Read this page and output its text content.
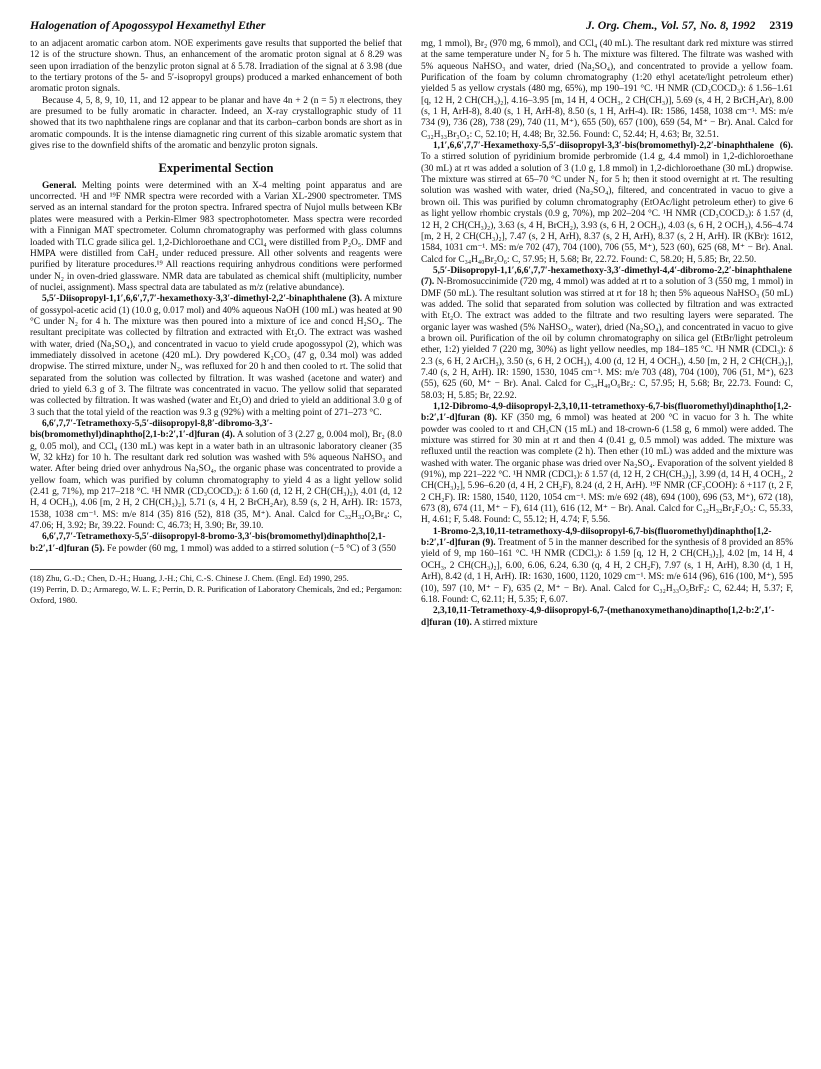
Halogenation of Apogossypol Hexamethyl Ether	J. Org. Chem., Vol. 57, No. 8, 1992 2319

to an adjacent aromatic carbon atom. NOE experiments gave results that supported the belief that 12 is of the structure shown. Thus, an enhancement of the aromatic proton signal at δ 8.29 was seen upon irradiation of the benzylic proton signal at δ 5.78. Irradiation of the signal at δ 3.98 (due to the tertiary protons of the 5- and 5′-isopropyl groups) produced a marked enhancement of both aromatic proton signals.

Because 4, 5, 8, 9, 10, 11, and 12 appear to be planar and have 4n + 2 (n = 5) π electrons, they are presumed to be fully aromatic in character. Indeed, an X-ray crystallographic study of 11 showed that its two naphthalene rings are coplanar and that its carbon–carbon bonds are short as in aromatic compounds. It is the intense diamagnetic ring current of this sizable aromatic system that gives rise to the downfield shifts of the aromatic and benzylic proton signals.

Experimental Section

General. Melting points were determined with an X-4 melting point apparatus and are uncorrected. ¹H and ¹⁹F NMR spectra were recorded with a Varian XL-2900 spectrometer. TMS served as an internal standard for the proton spectra. Infrared spectra of Nujol mulls between KBr plates were measured with a Perkin-Elmer 983 spectrophotometer. Mass spectra were recorded with a Finnigan MAT spectrometer. Column chromatography was performed with glass columns loaded with TLC grade silica gel. 1,2-Dichloroethane and CCl₄ were distilled from P₂O₅. DMF and HMPA were distilled from CaH₂ under reduced pressure. All other solvents and reagents were purified by literature procedures.¹⁹ All reactions requiring anhydrous conditions were performed under N₂ in oven-dried glassware. NMR data are tabulated as chemical shift (multiplicity, number of nuclei, assignment). Mass spectral data are tabulated as m/z (relative abundance).

5,5′-Diisopropyl-1,1′,6,6′,7,7′-hexamethoxy-3,3′-dimethyl-2,2′-binaphthalene (3). A mixture of gossypol-acetic acid (1) (10.0 g, 0.017 mol) and 40% aqueous NaOH (100 mL) was heated at 90 °C under N₂ for 4 h. The mixture was then poured into a mixture of ice and concd H₂SO₄. The resultant precipitate was collected by filtration and extracted with Et₂O. The extract was washed with water, dried (Na₂SO₄), and concentrated in vacuo to yield crude apogossypol (2), which was immediately dissolved in acetone (420 mL). Dry powdered K₂CO₃ (47 g, 0.34 mol) was added dropwise. The stirred mixture, under N₂, was refluxed for 20 h and then cooled to rt. The solid that separated from the solution was collected by filtration. It was washed (acetone and water) and dried to yield 6.3 g of 3. The filtrate was concentrated in vacuo. The yellow solid that separated was collected by filtration. It was washed (water and Et₂O) and dried to yield an additional 3.0 g of 3 such that the total yield of the reaction was 9.3 g (92%) with a melting point of 271–273 °C.

6,6′,7,7′-Tetramethoxy-5,5′-diisopropyl-8,8′-dibromo-3,3′-bis(bromomethyl)dinaphtho[2,1-b:2′,1′-d]furan (4). A solution of 3 (2.27 g, 0.004 mol), Br₂ (8.0 g, 0.05 mol), and CCl₄ (130 mL) was kept in a water bath in an ultrasonic laboratory cleaner (35 W, 32 kHz) for 10 h. The resultant dark red solution was washed with 5% aqueous NaHSO₃ and water. After being dried over anhydrous Na₂SO₄, the organic phase was concentrated to provide a yellow foam, which was purified by column chromatography to yield 4 as a light yellow solid (2.41 g, 71%), mp 217–218 °C. ¹H NMR (CD₃COCD₃): δ 1.60 (d, 12 H, 2 CH(CH₃)₂), 4.01 (d, 12 H, 4 OCH₃), 4.06 [m, 2 H, 2 CH(CH₃)₂], 5.71 (s, 4 H, 2 BrCH₂Ar), 8.59 (s, 2 H, ArH). IR: 1573, 1538, 1038 cm⁻¹. MS: m/e 814 (35) 816 (52), 818 (35, M⁺). Anal. Calcd for C₃₂H₃₂O₅Br₄: C, 47.06; H, 3.92; Br, 39.22. Found: C, 46.73; H, 3.90; Br, 39.10.

6,6′,7,7′-Tetramethoxy-5,5′-diisopropyl-8-bromo-3,3′-bis(bromomethyl)dinaphtho[2,1-b:2′,1′-d]furan (5). Fe powder (60 mg, 1 mmol) was added to a stirred solution (−5 °C) of 3 (550

(18) Zhu, G.-D.; Chen, D.-H.; Huang, J.-H.; Chi, C.-S. Chinese J. Chem. (Engl. Ed) 1990, 295.

(19) Perrin, D. D.; Armarego, W. L. F.; Perrin, D. R. Purification of Laboratory Chemicals, 2nd ed.; Pergamon: Oxford, 1980.

mg, 1 mmol), Br₂ (970 mg, 6 mmol), and CCl₄ (40 mL). The resultant dark red mixture was stirred at the same temperature under N₂ for 5 h. The mixture was filtered. The filtrate was washed with 5% aqueous NaHSO₃ and water, dried (Na₂SO₄), and concentrated to provide a yellow foam. Purification of the foam by column chromatography (1:20 ethyl acetate/light petroleum ether) yielded 5 as yellow crystals (480 mg, 65%), mp 190–191 °C. ¹H NMR (CD₃COCD₃): δ 1.56–1.61 [q, 12 H, 2 CH(CH₃)₂], 4.16–3.95 [m, 14 H, 4 OCH₃, 2 CH(CH₃)], 5.69 (s, 4 H, 2 BrCH₂Ar), 8.00 (s, 1 H, ArH-8), 8.40 (s, 1 H, ArH-8), 8.50 (s, 1 H, ArH-4). IR: 1586, 1458, 1038 cm⁻¹. MS: m/e 734 (9), 736 (28), 738 (29), 740 (11, M⁺), 655 (50), 657 (100), 659 (54, M⁺ − Br). Anal. Calcd for C₃₂H₃₃Br₃O₅: C, 52.10; H, 4.48; Br, 32.56. Found: C, 52.44; H, 4.63; Br, 32.51.

1,1′,6,6′,7,7′-Hexamethoxy-5,5′-diisopropyl-3,3′-bis(bromomethyl)-2,2′-binaphthalene (6). To a stirred solution of pyridinium bromide perbromide (1.4 g, 4.4 mmol) in 1,2-dichloroethane (30 mL) at rt was added a solution of 3 (1.0 g, 1.8 mmol) in 1,2-dichloroethane (30 mL) dropwise. The mixture was stirred at 65–70 °C under N₂ for 5 h; then it stood overnight at rt. The resulting solution was washed with water, dried (Na₂SO₄), filtered, and concentrated in vacuo to give a brown oil. This was purified by column chromatography (EtOAc/light petroleum ether) to give 6 as light yellow rhombic crystals (0.9 g, 70%), mp 202–204 °C. ¹H NMR (CD₃COCD₃): δ 1.57 (d, 12 H, 2 CH(CH₃)₂), 3.63 (s, 4 H, BrCH₂), 3.93 (s, 6 H, 2 OCH₃), 4.03 (s, 6 H, 2 OCH₃), 4.56–4.74 [m, 2 H, 2 CH(CH₃)₂], 7.47 (s, 2 H, ArH), 8.37 (s, 2 H, ArH), 8.37 (s, 2 H, ArH). IR (KBr): 1612, 1584, 1031 cm⁻¹. MS: m/e 702 (47), 704 (100), 706 (55, M⁺), 523 (60), 625 (68, M⁺ − Br). Anal. Calcd for C₃₄H₄₀Br₂O₆: C, 57.95; H, 5.68; Br, 22.72. Found: C, 58.20; H, 5.85; Br, 22.50.

5,5′-Diisopropyl-1,1′,6,6′,7,7′-hexamethoxy-3,3′-dimethyl-4,4′-dibromo-2,2′-binaphthalene (7). N-Bromosuccinimide (720 mg, 4 mmol) was added at rt to a solution of 3 (550 mg, 1 mmol) in DMF (50 mL). The resultant solution was stirred at rt for 18 h; then 5% aqueous NaHSO₃ (50 mL) was added. The solid that separated from solution was collected by filtration and was extracted with Et₂O. The extract was added to the filtrate and two resulting layers were separated. The organic layer was washed (5% NaHSO₃, water), dried (Na₂SO₄), and concentrated in vacuo to give a brown oil. Purification of the oil by column chromatography on silica gel (EtBr/light petroleum ether, 1:2) yielded 7 (220 mg, 30%) as light yellow needles, mp 184–185 °C. ¹H NMR (CDCl₃): δ 2.3 (s, 6 H, 2 ArCH₃), 3.50 (s, 6 H, 2 OCH₃), 4.00 (d, 12 H, 4 OCH₃), 4.50 [m, 2 H, 2 CH(CH₃)₂], 7.40 (s, 2 H, ArH). IR: 1590, 1530, 1045 cm⁻¹. MS: m/e 703 (48), 704 (100), 706 (51, M⁺), 623 (55), 625 (60, M⁺ − Br). Anal. Calcd for C₃₄H₄₀O₆Br₂: C, 57.95; H, 5.68; Br, 22.73. Found: C, 58.03; H, 5.85; Br, 22.92.

1,12-Dibromo-4,9-diisopropyl-2,3,10,11-tetramethoxy-6,7-bis(fluoromethyl)dinaphtho[1,2-b:2′,1′-d]furan (8). KF (350 mg, 6 mmol) was heated at 200 °C in vacuo for 3 h. The white powder was cooled to rt and CH₃CN (15 mL) and 18-crown-6 (1.58 g, 6 mmol) were added. The mixture was stirred for 30 min at rt and then 4 (0.41 g, 0.5 mmol) was added. The mixture was refluxed until the reaction was complete (2 h). Then ether (10 mL) was added and the mixture was washed with water. The organic phase was dried over Na₂SO₄. Evaporation of the solvent yielded 8 (91%), mp 221–222 °C. ¹H NMR (CDCl₃): δ 1.57 (d, 12 H, 2 CH(CH₃)₂], 3.99 (d, 14 H, 4 OCH₃, 2 CH(CH₃)₂], 5.96–6.20 (d, 4 H, 2 CH₂F), 8.24 (d, 2 H, ArH). ¹⁹F NMR (CF₃COOH): δ +117 (t, 2 F, 2 CH₂F). IR: 1580, 1540, 1120, 1054 cm⁻¹. MS: m/e 692 (48), 694 (100), 696 (53, M⁺), 672 (18), 673 (8), 674 (11, M⁺ − F), 614 (11), 616 (12, M⁺ − Br). Anal. Calcd for C₃₂H₃₂Br₂F₂O₅: C, 55.33, H, 4.61; F, 5.48. Found: C, 55.12; H, 4.74; F, 5.56.

1-Bromo-2,3,10,11-tetramethoxy-4,9-diisopropyl-6,7-bis(fluoromethyl)dinaphtho[1,2-b:2′,1′-d]furan (9). Treatment of 5 in the manner described for the synthesis of 8 provided an 85% yield of 9, mp 160–161 °C. ¹H NMR (CDCl₃): δ 1.59 [q, 12 H, 2 CH(CH₃)₂], 4.02 [m, 14 H, 4 OCH₃, 2 CH(CH₃)₂], 6.00, 6.06, 6.24, 6.30 (q, 4 H, 2 CH₂F), 7.97 (s, 1 H, ArH), 8.30 (d, 1 H, ArH), 8.42 (d, 1 H, ArH). IR: 1630, 1600, 1120, 1029 cm⁻¹. MS: m/e 614 (96), 616 (100, M⁺), 595 (10), 597 (10, M⁺ − F), 635 (2, M⁺ − Br). Anal. Calcd for C₃₂H₃₃O₅BrF₂: C, 62.44; H, 5.37; F, 6.18. Found: C, 62.11; H, 5.35; F, 6.07.

2,3,10,11-Tetramethoxy-4,9-diisopropyl-6,7-(methanoxymethano)dinaptho[1,2-b:2′,1′-d]furan (10). A stirred mixture
